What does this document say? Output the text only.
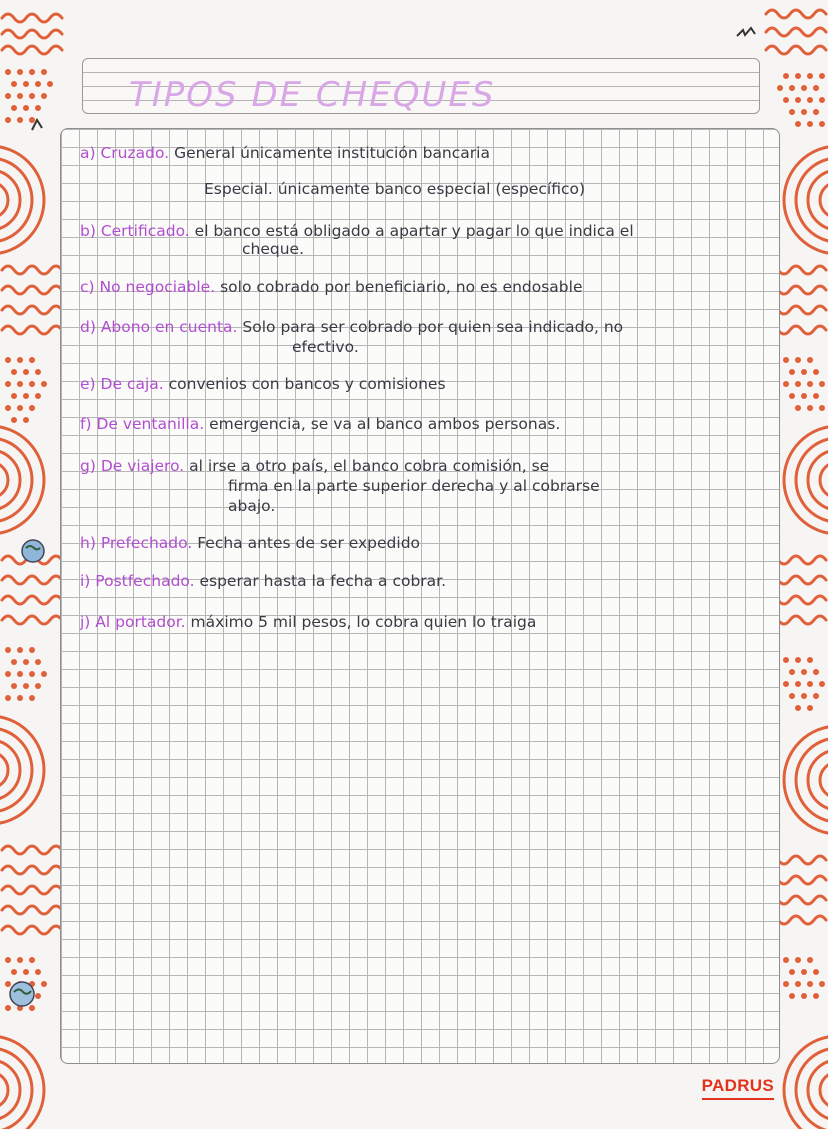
TIPOS DE CHEQUES
a) Cruzado. General únicamente institución bancaria
Especial. únicamente banco especial (específico)
b) Certificado. el banco está obligado a apartar y pagar lo que indica el
cheque.
c) No negociable. solo cobrado por beneficiario, no es endosable
d) Abono en cuenta. Solo para ser cobrado por quien sea indicado, no
efectivo.
e) De caja. convenios con bancos y comisiones
f) De ventanilla. emergencia, se va al banco ambos personas.
g) De viajero. al irse a otro país, el banco cobra comisión, se
firma en la parte superior derecha y al cobrarse
abajo.
h) Prefechado. Fecha antes de ser expedido
i) Postfechado. esperar hasta la fecha a cobrar.
j) Al portador. máximo 5 mil pesos, lo cobra quien lo traiga
PADRUS
